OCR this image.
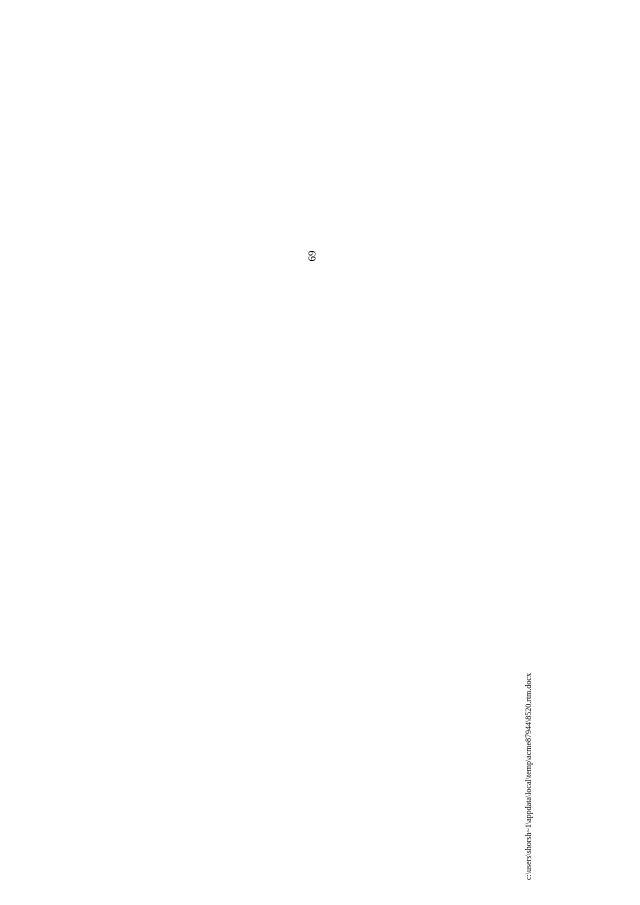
69
c:\users\shorsh~1\appdata\local\temp\acme87944\8520.rtm.docx
